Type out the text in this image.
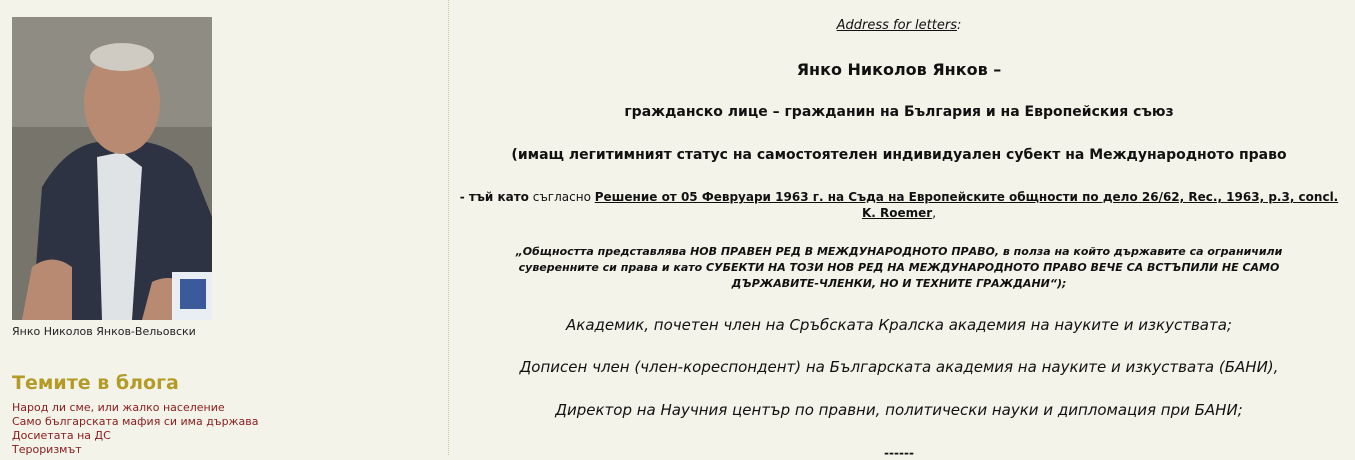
Янко Николов Янков-Вельовски
Темите в блога
Народ ли сме, или жалко население
Само българската мафия си има държава
Досиетата на ДС
Тероризмът

Address for letters:

Янко Николов Янков –

гражданско лице – гражданин на България и на Европейския съюз

(имащ легитимният статус на самостоятелен индивидуален субект на Международното право

- тъй като съгласно Решение от 05 Февруари 1963 г. на Съда на Европейските общности по дело 26/62, Rec., 1963, p.3, concl. K. Roemer,

„Общността представлява НОВ ПРАВЕН РЕД В МЕЖДУНАРОДНОТО ПРАВО, в полза на който държавите са ограничили суверенните си права и като СУБЕКТИ НА ТОЗИ НОВ РЕД НА МЕЖДУНАРОДНОТО ПРАВО ВЕЧЕ СА ВСТЪПИЛИ НЕ САМО ДЪРЖАВИТЕ-ЧЛЕНКИ, НО И ТЕХНИТЕ ГРАЖДАНИ“);

Академик, почетен член на Сръбската Кралска академия на науките и изкуствата;

Дописен член (член-кореспондент) на Българската академия на науките и изкуствата (БАНИ),

Директор на Научния център по правни, политически науки и дипломация при БАНИ;

------
